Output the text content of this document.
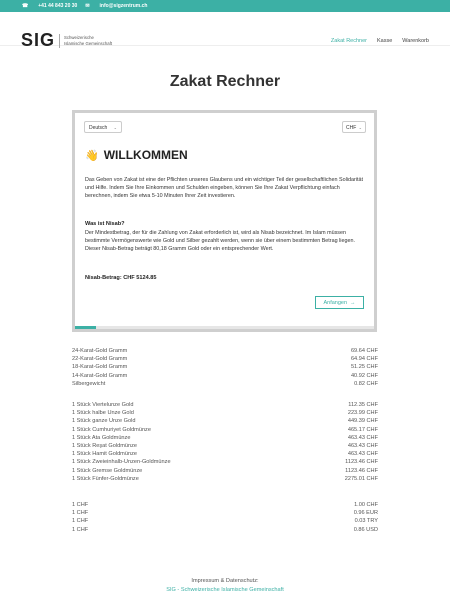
☎ +41 44 843 20 30 ✉ info@sigzentrum.ch
SIG Schweizerische Islamische Gemeinschaft	Zakat Rechner Kasse Warenkorb
Zakat Rechner
Deutsch ⌄	CHF ⌄
👋 WILLKOMMEN

Das Geben von Zakat ist eine der Pflichten unseres Glaubens und ein wichtiger Teil der gesellschaftlichen Solidarität und Hilfe. Indem Sie Ihre Einkommen und Schulden eingeben, können Sie Ihre Zakat Verpflichtung einfach berechnen, indem Sie etwa 5-10 Minuten Ihrer Zeit investieren.

Was ist Nisab?

Der Mindestbetrag, der für die Zahlung von Zakat erforderlich ist, wird als Nisab bezeichnet. Im Islam müssen bestimmte Vermögenswerte wie Gold und Silber gezahlt werden, wenn sie über einem bestimmten Betrag liegen. Dieser Nisab-Betrag beträgt 80,18 Gramm Gold oder ein entsprechender Wert.

Nisab-Betrag: CHF 5124.85

Anfangen →
24-Karat-Gold Gramm	69.64 CHF
22-Karat-Gold Gramm	64.94 CHF
18-Karat-Gold Gramm	51.25 CHF
14-Karat-Gold Gramm	40.92 CHF
Silbergewicht	0.82 CHF
1 Stück Viertelunze Gold	112.35 CHF
1 Stück halbe Unze Gold	223.99 CHF
1 Stück ganze Unze Gold	449.39 CHF
1 Stück Cumhuriyet Goldmünze	465.17 CHF
1 Stück Ata Goldmünze	463.43 CHF
1 Stück Reşat Goldmünze	463.43 CHF
1 Stück Hamit Goldmünze	463.43 CHF
1 Stück Zweieinhalb-Unzen-Goldmünze	1123.46 CHF
1 Stück Gremse Goldmünze	1123.46 CHF
1 Stück Fünfer-Goldmünze	2275.01 CHF
1 CHF	1.00 CHF
1 CHF	0.96 EUR
1 CHF	0.03 TRY
1 CHF	0.86 USD
Impressum & Datenschutz:
SIG - Schweizerische Islamische Gemeinschaft
